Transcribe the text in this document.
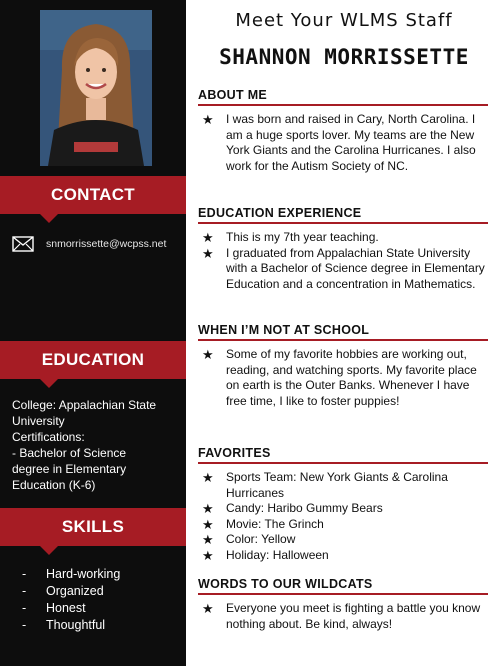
CONTACT
snmorrissette@wcpss.net
EDUCATION
College: Appalachian State
University
Certifications:
- Bachelor of Science
degree in Elementary
Education (K-6)
SKILLS
-	Hard-working
-	Organized
-	Honest
-	Thoughtful
Meet Your WLMS Staff
SHANNON MORRISSETTE
ABOUT ME
★	I was born and raised in Cary, North Carolina. I am a huge sports lover. My teams are the New York Giants and the Carolina Hurricanes. I also work for the Autism Society of NC.
EDUCATION EXPERIENCE
★	This is my 7th year teaching.
★	I graduated from Appalachian State University with a Bachelor of Science degree in Elementary Education and a concentration in Mathematics.
WHEN I’M NOT AT SCHOOL
★	Some of my favorite hobbies are working out, reading, and watching sports. My favorite place on earth is the Outer Banks. Whenever I have free time, I like to foster puppies!
FAVORITES
★	Sports Team: New York Giants & Carolina Hurricanes
★	Candy: Haribo Gummy Bears
★	Movie: The Grinch
★	Color: Yellow
★	Holiday: Halloween
WORDS TO OUR WILDCATS
★	Everyone you meet is fighting a battle you know nothing about. Be kind, always!
